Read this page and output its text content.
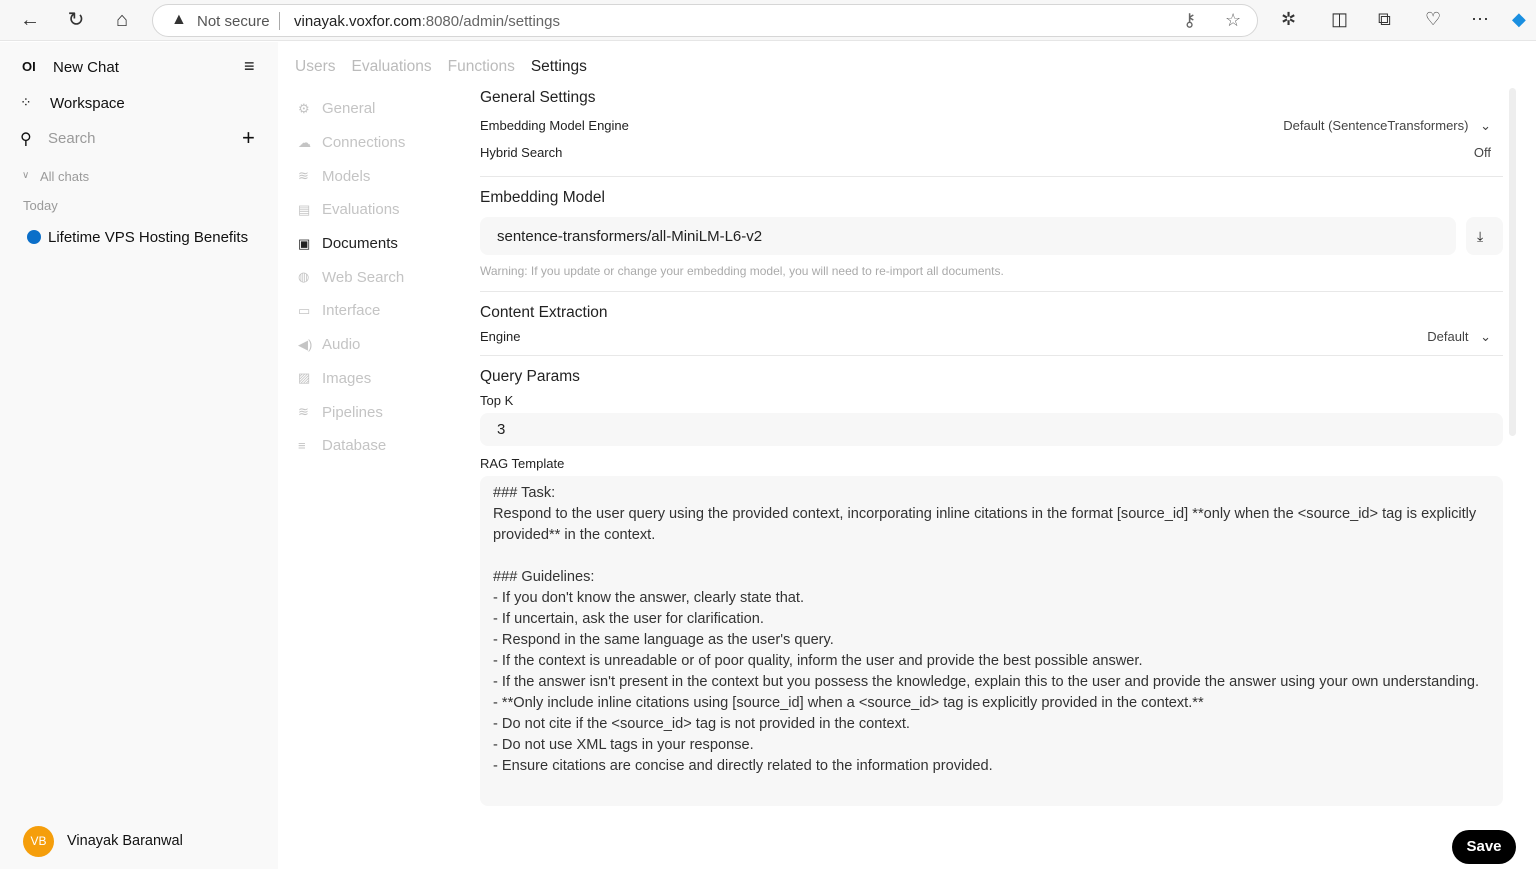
← ↻	⌂	▲ Not secure vinayak.voxfor.com:8080/admin/settings	⚷ ☆ ✲ ◫ ⧉ ♡ ⋯ ◆
OI New Chat	≡
⁘ Workspace
⚲ Search	+
∨ All chats
Today
Lifetime VPS Hosting Benefits
VB	Vinayak Baranwal
Users Evaluations Functions Settings
⚙ General
☁ Connections
≋ Models
▤ Evaluations
▣ Documents
◍ Web Search
▭ Interface
◀) Audio
▨ Images
≋ Pipelines
≡	Database
General Settings
Embedding Model Engine	Default (SentenceTransformers) ⌄
Hybrid Search	Off
Embedding Model
sentence-transformers/all-MiniLM-L6-v2	⤓
Warning: If you update or change your embedding model, you will need to re-import all documents.
Content Extraction
Engine	Default ⌄
Query Params
Top K
3
RAG Template
### Task:
Respond to the user query using the provided context, incorporating inline citations in the format [source_id] **only when the <source_id> tag is explicitly provided** in the context.

### Guidelines:
- If you don't know the answer, clearly state that.
- If uncertain, ask the user for clarification.
- Respond in the same language as the user's query.
- If the context is unreadable or of poor quality, inform the user and provide the best possible answer.
- If the answer isn't present in the context but you possess the knowledge, explain this to the user and provide the answer using your own understanding.
- **Only include inline citations using [source_id] when a <source_id> tag is explicitly provided in the context.**
- Do not cite if the <source_id> tag is not provided in the context.
- Do not use XML tags in your response.
- Ensure citations are concise and directly related to the information provided.
Save
